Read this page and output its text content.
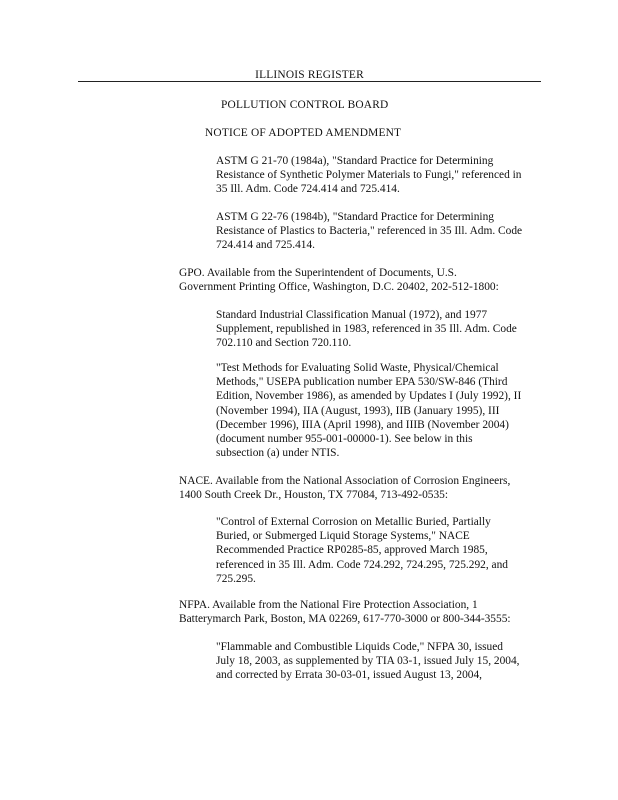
ILLINOIS REGISTER
POLLUTION CONTROL BOARD
NOTICE OF ADOPTED AMENDMENT

ASTM G 21-70 (1984a), "Standard Practice for Determining
Resistance of Synthetic Polymer Materials to Fungi," referenced in
35 Ill. Adm. Code 724.414 and 725.414.

ASTM G 22-76 (1984b), "Standard Practice for Determining
Resistance of Plastics to Bacteria," referenced in 35 Ill. Adm. Code
724.414 and 725.414.

GPO. Available from the Superintendent of Documents, U.S.
Government Printing Office, Washington, D.C. 20402, 202-512-1800:

Standard Industrial Classification Manual (1972), and 1977
Supplement, republished in 1983, referenced in 35 Ill. Adm. Code
702.110 and Section 720.110.

"Test Methods for Evaluating Solid Waste, Physical/Chemical
Methods," USEPA publication number EPA 530/SW-846 (Third
Edition, November 1986), as amended by Updates I (July 1992), II
(November 1994), IIA (August, 1993), IIB (January 1995), III
(December 1996), IIIA (April 1998), and IIIB (November 2004)
(document number 955-001-00000-1). See below in this
subsection (a) under NTIS.

NACE. Available from the National Association of Corrosion Engineers,
1400 South Creek Dr., Houston, TX 77084, 713-492-0535:

"Control of External Corrosion on Metallic Buried, Partially
Buried, or Submerged Liquid Storage Systems," NACE
Recommended Practice RP0285-85, approved March 1985,
referenced in 35 Ill. Adm. Code 724.292, 724.295, 725.292, and
725.295.

NFPA. Available from the National Fire Protection Association, 1
Batterymarch Park, Boston, MA 02269, 617-770-3000 or 800-344-3555:

"Flammable and Combustible Liquids Code," NFPA 30, issued
July 18, 2003, as supplemented by TIA 03-1, issued July 15, 2004,
and corrected by Errata 30-03-01, issued August 13, 2004,
